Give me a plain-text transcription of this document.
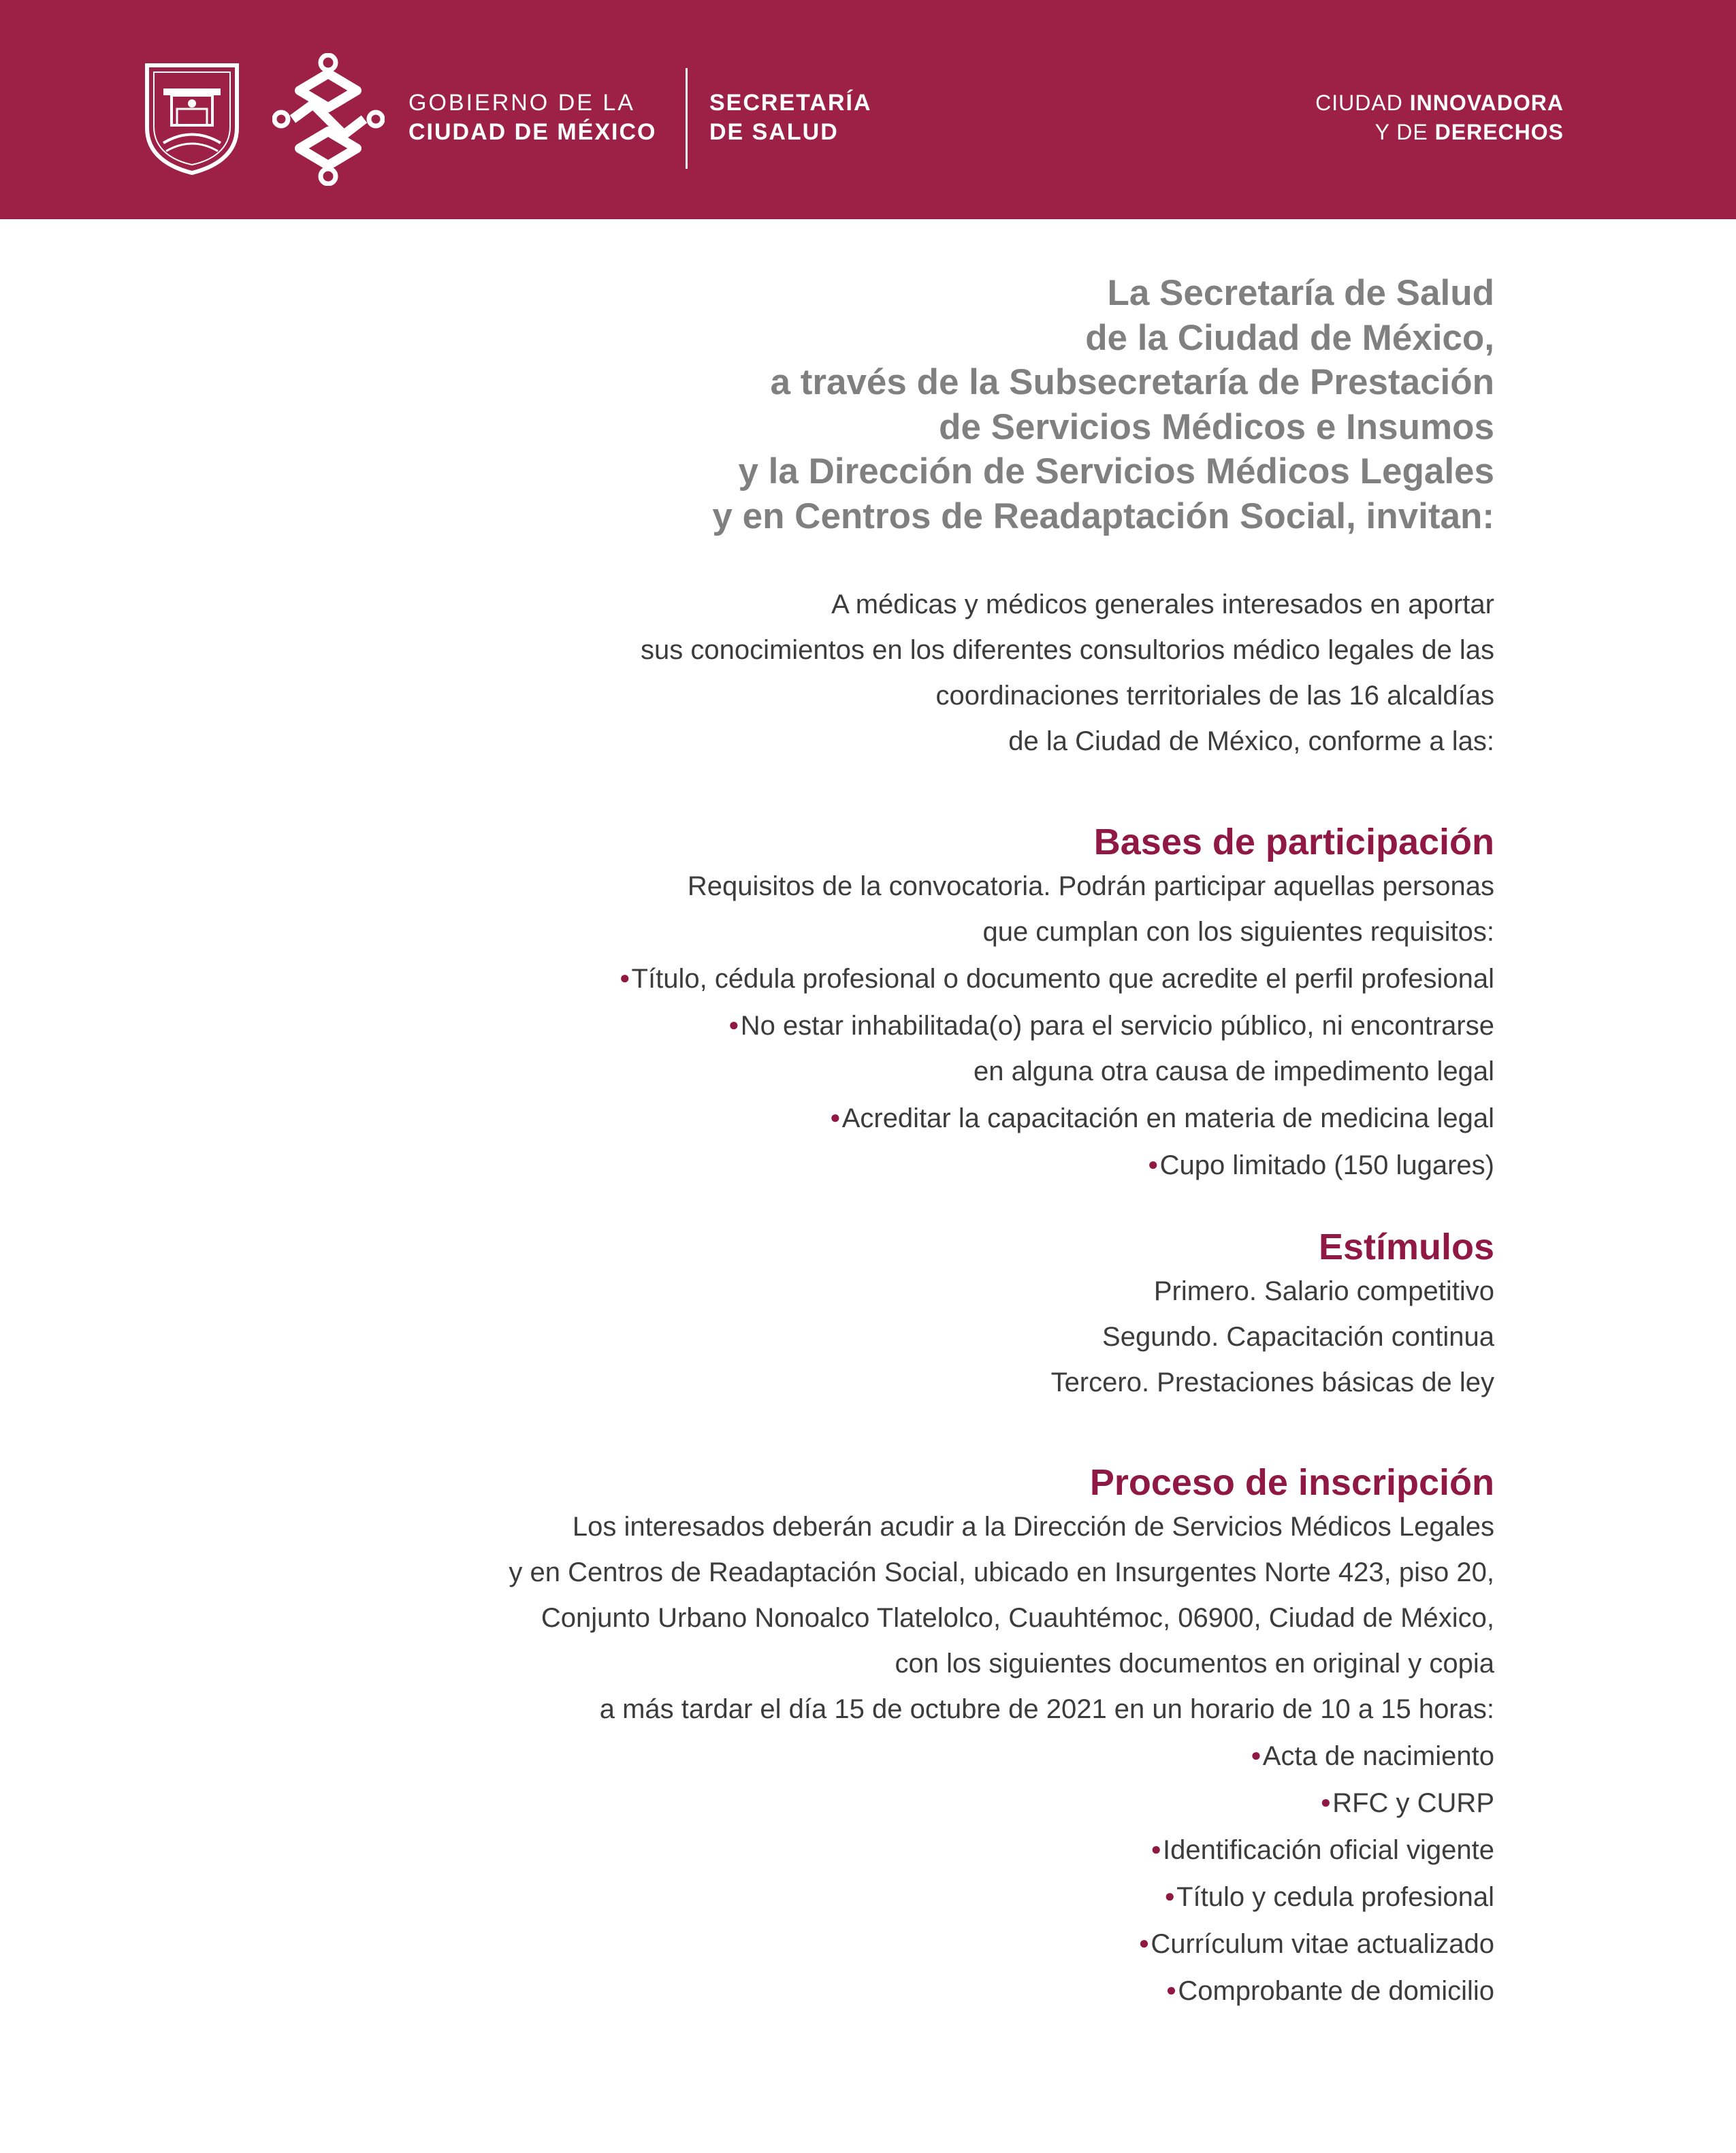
GOBIERNO DE LA
CIUDAD DE MÉXICO
SECRETARÍA
DE SALUD
CIUDAD INNOVADORA
Y DE DERECHOS
La Secretaría de Salud
de la Ciudad de México,
a través de la Subsecretaría de Prestación
de Servicios Médicos e Insumos
y la Dirección de Servicios Médicos Legales
y en Centros de Readaptación Social, invitan:
A médicas y médicos generales interesados en aportar
sus conocimientos en los diferentes consultorios médico legales de las
coordinaciones territoriales de las 16 alcaldías
de la Ciudad de México, conforme a las:
Bases de participación
Requisitos de la convocatoria. Podrán participar aquellas personas
que cumplan con los siguientes requisitos:
●Título, cédula profesional o documento que acredite el perfil profesional
●No estar inhabilitada(o) para el servicio público, ni encontrarse
en alguna otra causa de impedimento legal
●Acreditar la capacitación en materia de medicina legal
●Cupo limitado (150 lugares)
Estímulos
Primero. Salario competitivo
Segundo. Capacitación continua
Tercero. Prestaciones básicas de ley
Proceso de inscripción
Los interesados deberán acudir a la Dirección de Servicios Médicos Legales
y en Centros de Readaptación Social, ubicado en Insurgentes Norte 423, piso 20,
Conjunto Urbano Nonoalco Tlatelolco, Cuauhtémoc, 06900, Ciudad de México,
con los siguientes documentos en original y copia
a más tardar el día 15 de octubre de 2021 en un horario de 10 a 15 horas:
●Acta de nacimiento
●RFC y CURP
●Identificación oficial vigente
●Título y cedula profesional
●Currículum vitae actualizado
●Comprobante de domicilio
